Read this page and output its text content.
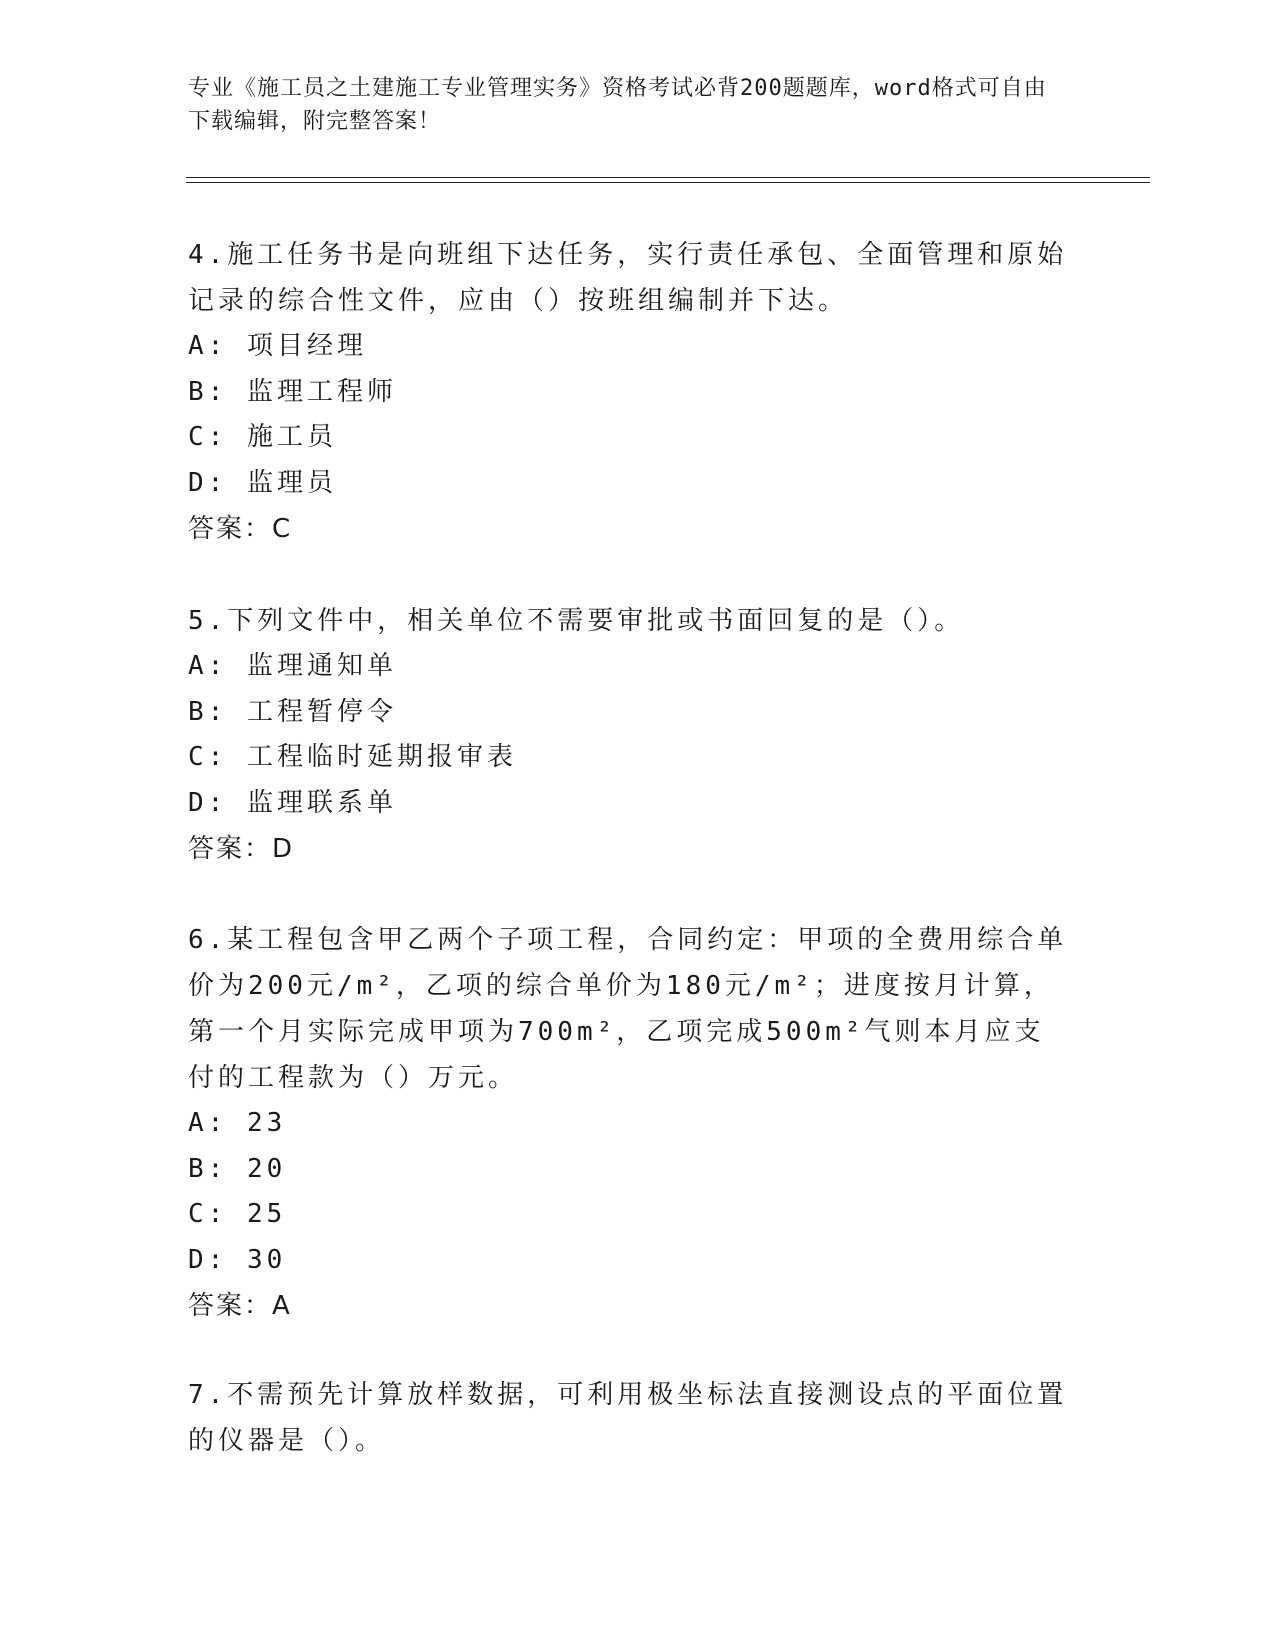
专业《施工员之土建施工专业管理实务》资格考试必背200题题库，word格式可自由下载编辑，附完整答案！

4.施工任务书是向班组下达任务，实行责任承包、全面管理和原始记录的综合性文件，应由（）按班组编制并下达。

A: 项目经理

B: 监理工程师

C: 施工员

D: 监理员

答案：C

5.下列文件中，相关单位不需要审批或书面回复的是（）。

A: 监理通知单

B: 工程暂停令

C: 工程临时延期报审表

D: 监理联系单

答案：D

6.某工程包含甲乙两个子项工程，合同约定：甲项的全费用综合单价为200元/m²，乙项的综合单价为180元/m²；进度按月计算，第一个月实际完成甲项为700m²，乙项完成500m²气则本月应支付的工程款为（）万元。

A: 23

B: 20

C: 25

D: 30

答案：A

7.不需预先计算放样数据，可利用极坐标法直接测设点的平面位置的仪器是（）。
